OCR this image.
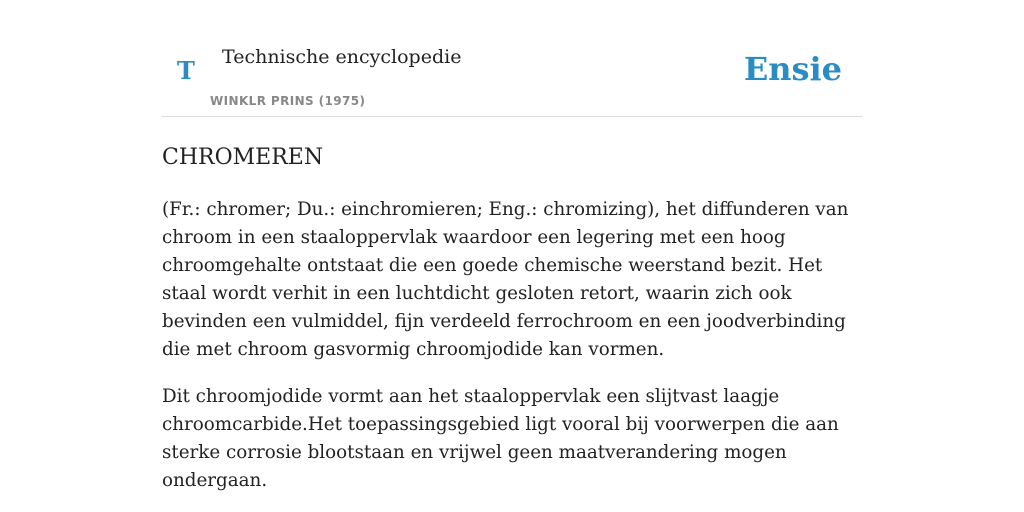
T Technische encyclopedie
WINKLR PRINS (1975)
Ensie
CHROMEREN

(Fr.: chromer; Du.: einchromieren; Eng.: chromizing), het diffunderen van chroom in een staaloppervlak waardoor een legering met een hoog chroomgehalte ontstaat die een goede chemische weerstand bezit. Het staal wordt verhit in een luchtdicht gesloten retort, waarin zich ook bevinden een vulmiddel, fijn verdeeld ferrochroom en een joodverbinding die met chroom gasvormig chroomjodide kan vormen.

Dit chroomjodide vormt aan het staaloppervlak een slijtvast laagje chroomcarbide.Het toepassingsgebied ligt vooral bij voorwerpen die aan sterke corrosie blootstaan en vrijwel geen maatverandering mogen ondergaan.
